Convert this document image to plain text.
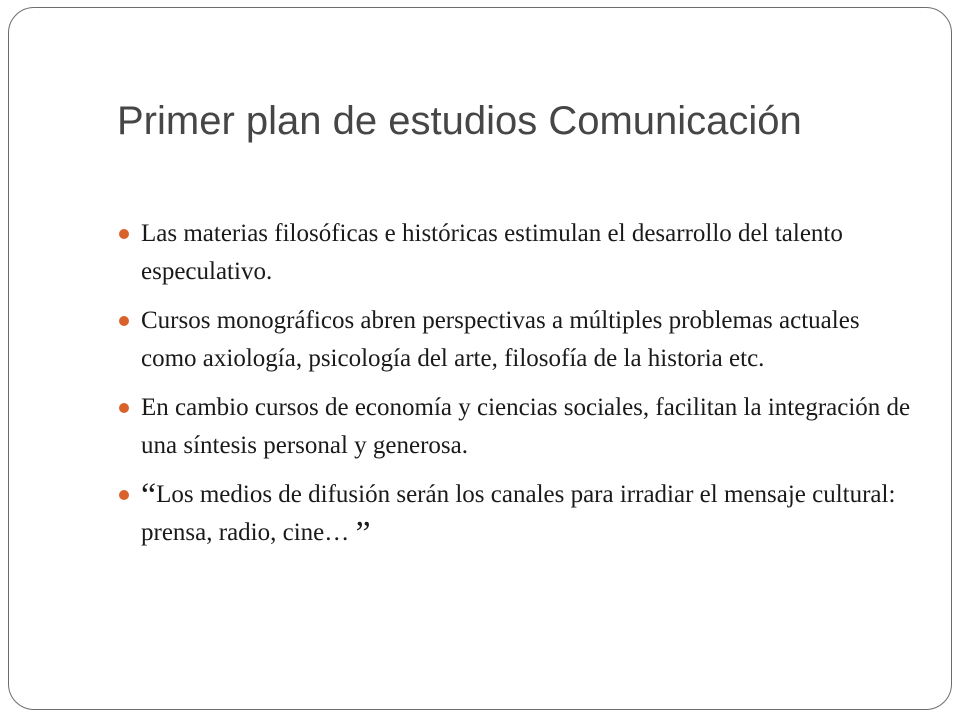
Primer plan de estudios Comunicación
Las materias filosóficas e históricas estimulan el desarrollo del talento especulativo.
Cursos monográficos abren perspectivas a múltiples problemas actuales como axiología, psicología del arte, filosofía de la historia etc.
En cambio cursos de economía y ciencias sociales, facilitan la integración de una síntesis personal y generosa.
“Los medios de difusión serán los canales para irradiar el mensaje cultural: prensa, radio, cine… ”
